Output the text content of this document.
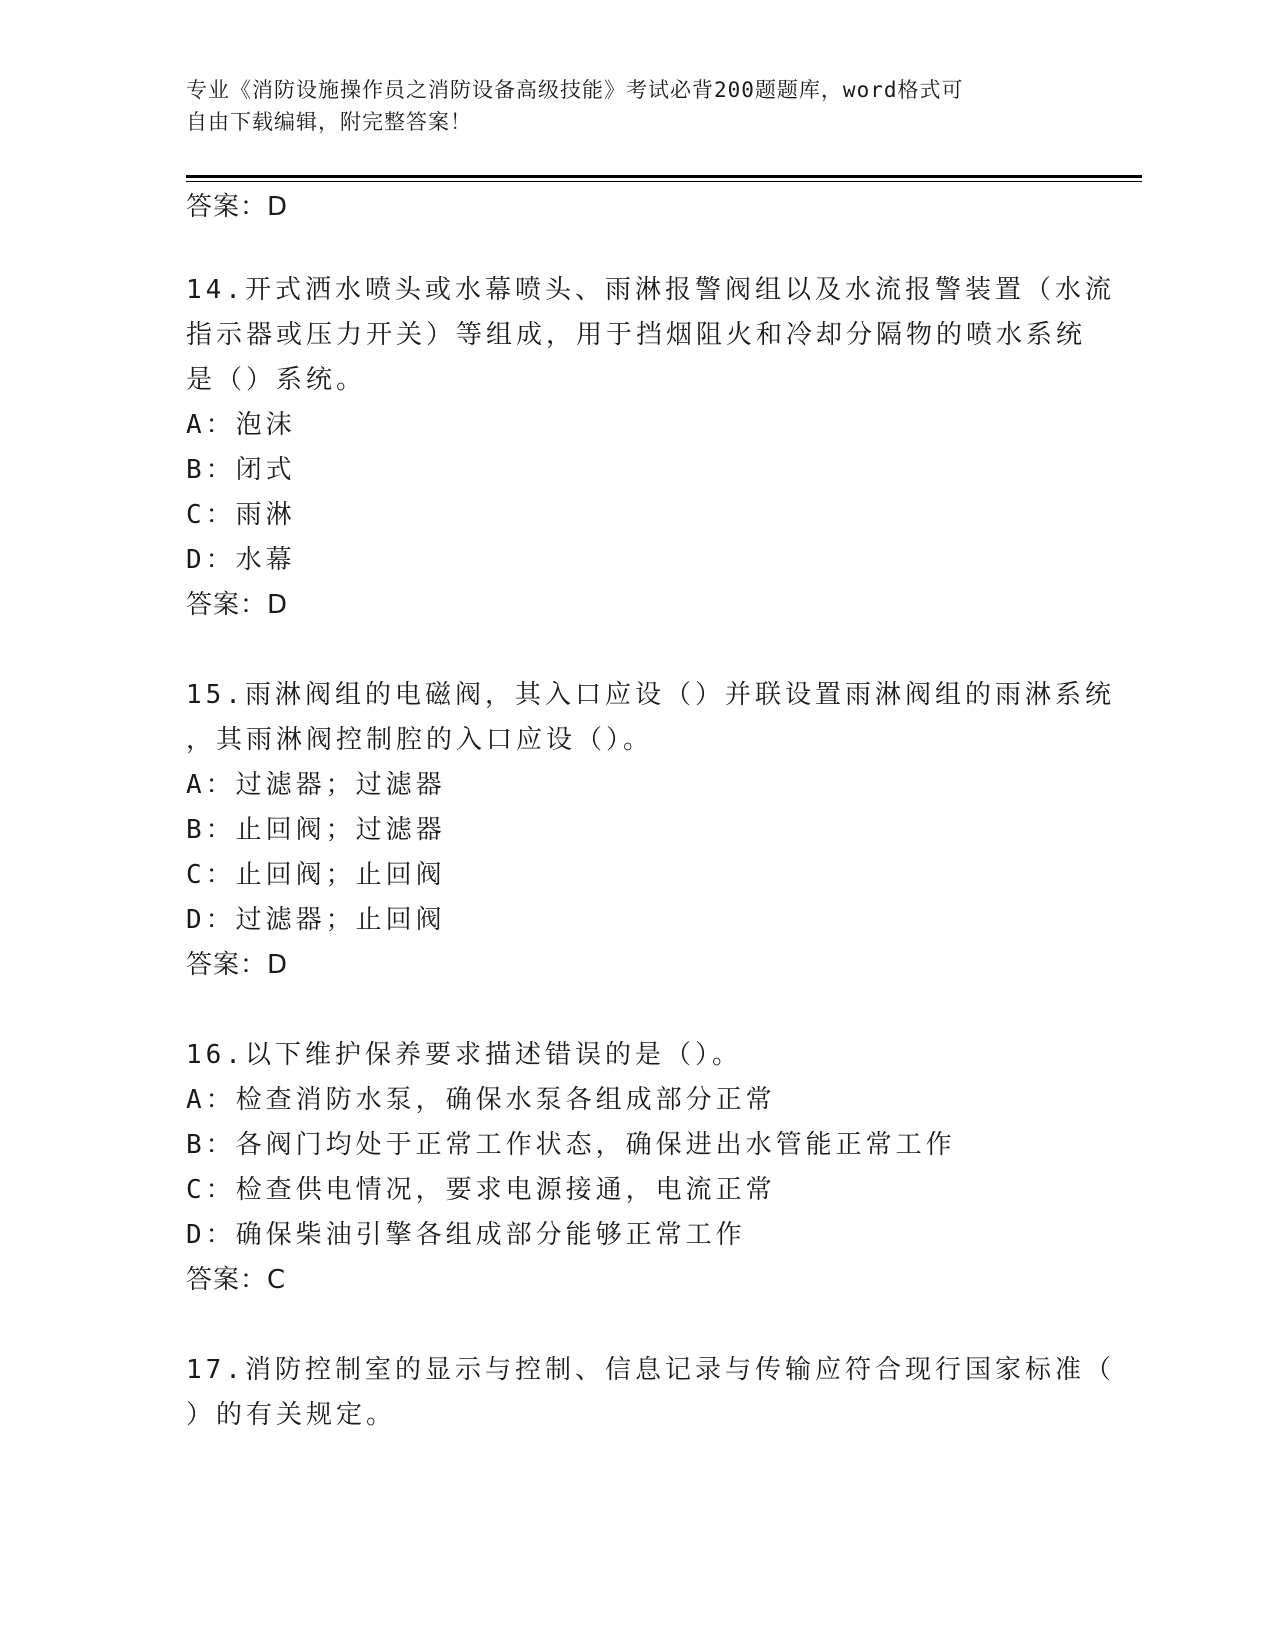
专业《消防设施操作员之消防设备高级技能》考试必背200题题库，word格式可
自由下载编辑，附完整答案！
答案：D
14.开式洒水喷头或水幕喷头、雨淋报警阀组以及水流报警装置（水流
指示器或压力开关）等组成，用于挡烟阻火和冷却分隔物的喷水系统
是（）系统。
A：泡沫
B：闭式
C：雨淋
D：水幕
答案：D
15.雨淋阀组的电磁阀，其入口应设（）并联设置雨淋阀组的雨淋系统
，其雨淋阀控制腔的入口应设（）。
A：过滤器；过滤器
B：止回阀；过滤器
C：止回阀；止回阀
D：过滤器；止回阀
答案：D
16.以下维护保养要求描述错误的是（）。
A：检查消防水泵，确保水泵各组成部分正常
B：各阀门均处于正常工作状态，确保进出水管能正常工作
C：检查供电情况，要求电源接通，电流正常
D：确保柴油引擎各组成部分能够正常工作
答案：C
17.消防控制室的显示与控制、信息记录与传输应符合现行国家标准（
）的有关规定。
